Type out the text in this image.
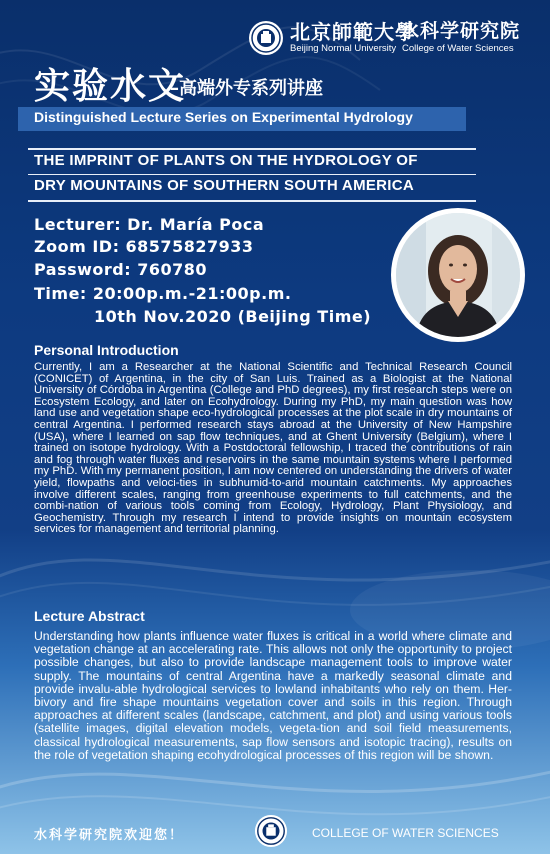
北京師範大學
水科学研究院
Beijing Normal University College of Water Sciences
实验水文
–高端外专系列讲座
Distinguished Lecture Series on Experimental Hydrology
THE IMPRINT OF PLANTS ON THE HYDROLOGY OF
DRY MOUNTAINS OF SOUTHERN SOUTH AMERICA
Lecturer: Dr. María Poca
Zoom ID: 68575827933
Password: 760780
Time: 20:00p.m.-21:00p.m.
10th Nov.2020 (Beijing Time)
Personal Introduction
Currently, I am a Researcher at the National Scientific and Technical Research Council (CONICET) of Argentina, in the city of San Luis. Trained as a Biologist at the National University of Córdoba in Argentina (College and PhD degrees), my first research steps were on Ecosystem Ecology, and later on Ecohydrology. During my PhD, my main question was how land use and vegetation shape eco-hydrological processes at the plot scale in dry mountains of central Argentina. I performed research stays abroad at the University of New Hampshire (USA), where I learned on sap flow techniques, and at Ghent University (Belgium), where I trained on isotope hydrology. With a Postdoctoral fellowship, I traced the contributions of rain and fog through water fluxes and reservoirs in the same mountain systems where I performed my PhD. With my permanent position, I am now centered on understanding the drivers of water yield, flowpaths and veloci-ties in subhumid-to-arid mountain catchments. My approaches involve different scales, ranging from greenhouse experiments to full catchments, and the combi-nation of various tools coming from Ecology, Hydrology, Plant Physiology, and Geochemistry. Through my research I intend to provide insights on mountain ecosystem services for management and territorial planning.
Lecture Abstract
Understanding how plants influence water fluxes is critical in a world where climate and vegetation change at an accelerating rate. This allows not only the opportunity to project possible changes, but also to provide landscape management tools to improve water supply. The mountains of central Argentina have a markedly seasonal climate and provide invalu-able hydrological services to lowland inhabitants who rely on them. Her-bivory and fire shape mountains vegetation cover and soils in this region. Through approaches at different scales (landscape, catchment, and plot) and using various tools (satellite images, digital elevation models, vegeta-tion and soil field measurements, classical hydrological measurements, sap flow sensors and isotopic tracing), results on the role of vegetation shaping ecohydrological processes of this region will be shown.
水科学研究院欢迎您！	COLLEGE OF WATER SCIENCES
